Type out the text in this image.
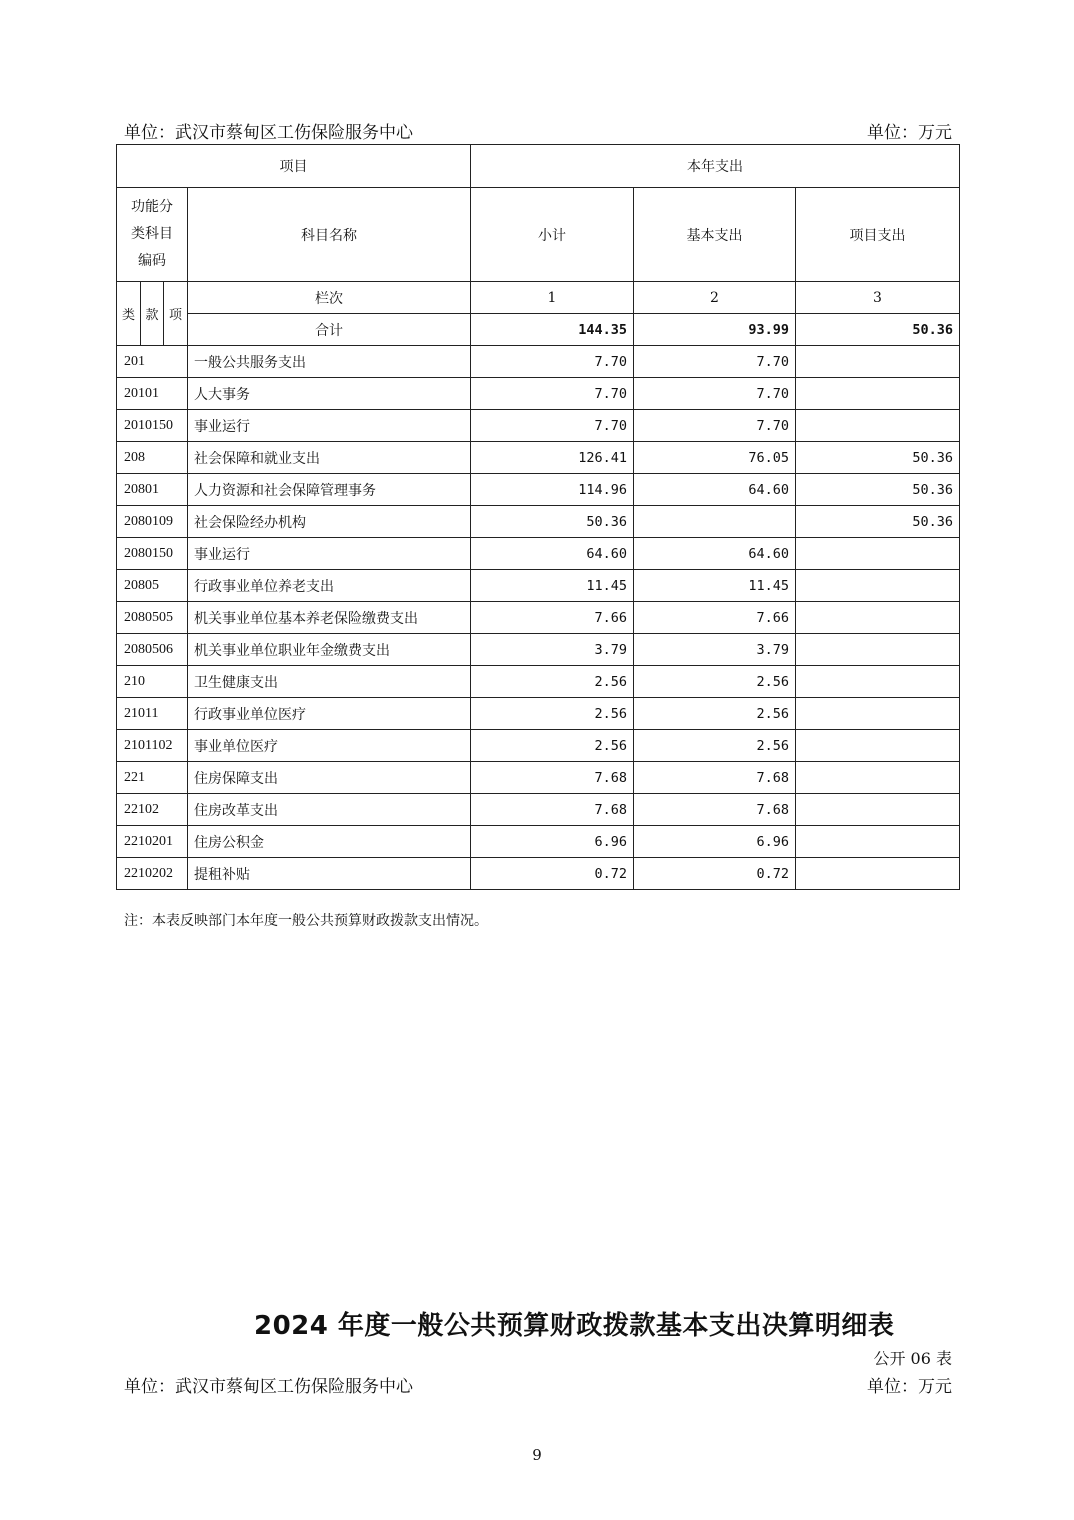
单位：武汉市蔡甸区工伤保险服务中心	单位：万元
项目				本年支出		
功能分类科目编码			科目名称	小计	基本支出	项目支出
类	款	项	栏次	1	2	3
			合计	144.35	93.99	50.36
201			一般公共服务支出	7.70	7.70	
20101			人大事务	7.70	7.70	
2010150			事业运行	7.70	7.70	
208			社会保障和就业支出	126.41	76.05	50.36
20801			人力资源和社会保障管理事务	114.96	64.60	50.36
2080109			社会保险经办机构	50.36		50.36
2080150			事业运行	64.60	64.60	
20805			行政事业单位养老支出	11.45	11.45	
2080505			机关事业单位基本养老保险缴费支出	7.66	7.66	
2080506			机关事业单位职业年金缴费支出	3.79	3.79	
210			卫生健康支出	2.56	2.56	
21011			行政事业单位医疗	2.56	2.56	
2101102			事业单位医疗	2.56	2.56	
221			住房保障支出	7.68	7.68	
22102			住房改革支出	7.68	7.68	
2210201			住房公积金	6.96	6.96	
2210202			提租补贴	0.72	0.72	
注：本表反映部门本年度一般公共预算财政拨款支出情况。
2024 年度一般公共预算财政拨款基本支出决算明细表
公开 06 表
单位：武汉市蔡甸区工伤保险服务中心	单位：万元
9
